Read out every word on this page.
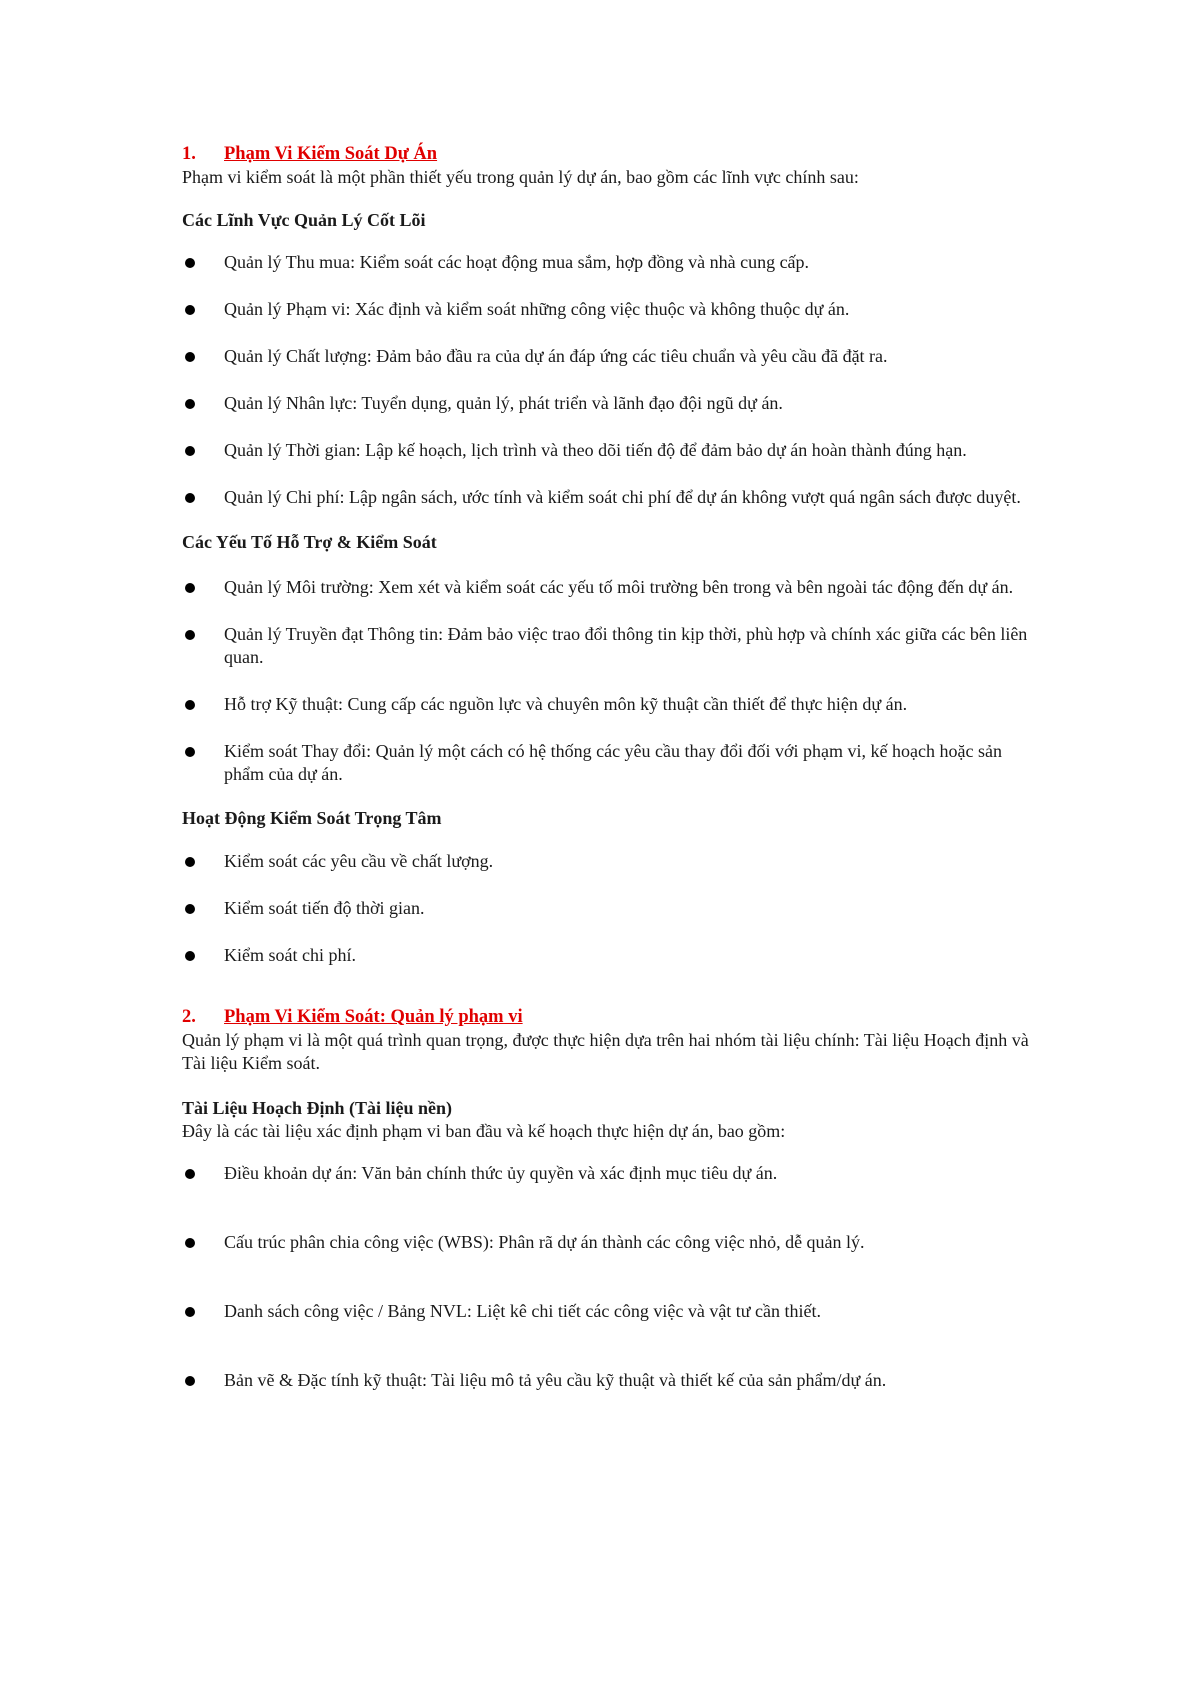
1.	Phạm Vi Kiểm Soát Dự Án

Phạm vi kiểm soát là một phần thiết yếu trong quản lý dự án, bao gồm các lĩnh vực chính sau:

Các Lĩnh Vực Quản Lý Cốt Lõi

Quản lý Thu mua: Kiểm soát các hoạt động mua sắm, hợp đồng và nhà cung cấp.
Quản lý Phạm vi: Xác định và kiểm soát những công việc thuộc và không thuộc dự án.
Quản lý Chất lượng: Đảm bảo đầu ra của dự án đáp ứng các tiêu chuẩn và yêu cầu đã đặt ra.
Quản lý Nhân lực: Tuyển dụng, quản lý, phát triển và lãnh đạo đội ngũ dự án.
Quản lý Thời gian: Lập kế hoạch, lịch trình và theo dõi tiến độ để đảm bảo dự án hoàn thành đúng hạn.
Quản lý Chi phí: Lập ngân sách, ước tính và kiểm soát chi phí để dự án không vượt quá ngân sách được duyệt.

Các Yếu Tố Hỗ Trợ & Kiểm Soát

Quản lý Môi trường: Xem xét và kiểm soát các yếu tố môi trường bên trong và bên ngoài tác động đến dự án.
Quản lý Truyền đạt Thông tin: Đảm bảo việc trao đổi thông tin kịp thời, phù hợp và chính xác giữa các bên liên quan.
Hỗ trợ Kỹ thuật: Cung cấp các nguồn lực và chuyên môn kỹ thuật cần thiết để thực hiện dự án.
Kiểm soát Thay đổi: Quản lý một cách có hệ thống các yêu cầu thay đổi đối với phạm vi, kế hoạch hoặc sản phẩm của dự án.

Hoạt Động Kiểm Soát Trọng Tâm

Kiểm soát các yêu cầu về chất lượng.
Kiểm soát tiến độ thời gian.
Kiểm soát chi phí.
2.	Phạm Vi Kiểm Soát: Quản lý phạm vi

Quản lý phạm vi là một quá trình quan trọng, được thực hiện dựa trên hai nhóm tài liệu chính: Tài liệu Hoạch định và Tài liệu Kiểm soát.

Tài Liệu Hoạch Định (Tài liệu nền)

Đây là các tài liệu xác định phạm vi ban đầu và kế hoạch thực hiện dự án, bao gồm:

Điều khoản dự án: Văn bản chính thức ủy quyền và xác định mục tiêu dự án.
Cấu trúc phân chia công việc (WBS): Phân rã dự án thành các công việc nhỏ, dễ quản lý.
Danh sách công việc / Bảng NVL: Liệt kê chi tiết các công việc và vật tư cần thiết.
Bản vẽ & Đặc tính kỹ thuật: Tài liệu mô tả yêu cầu kỹ thuật và thiết kế của sản phẩm/dự án.
